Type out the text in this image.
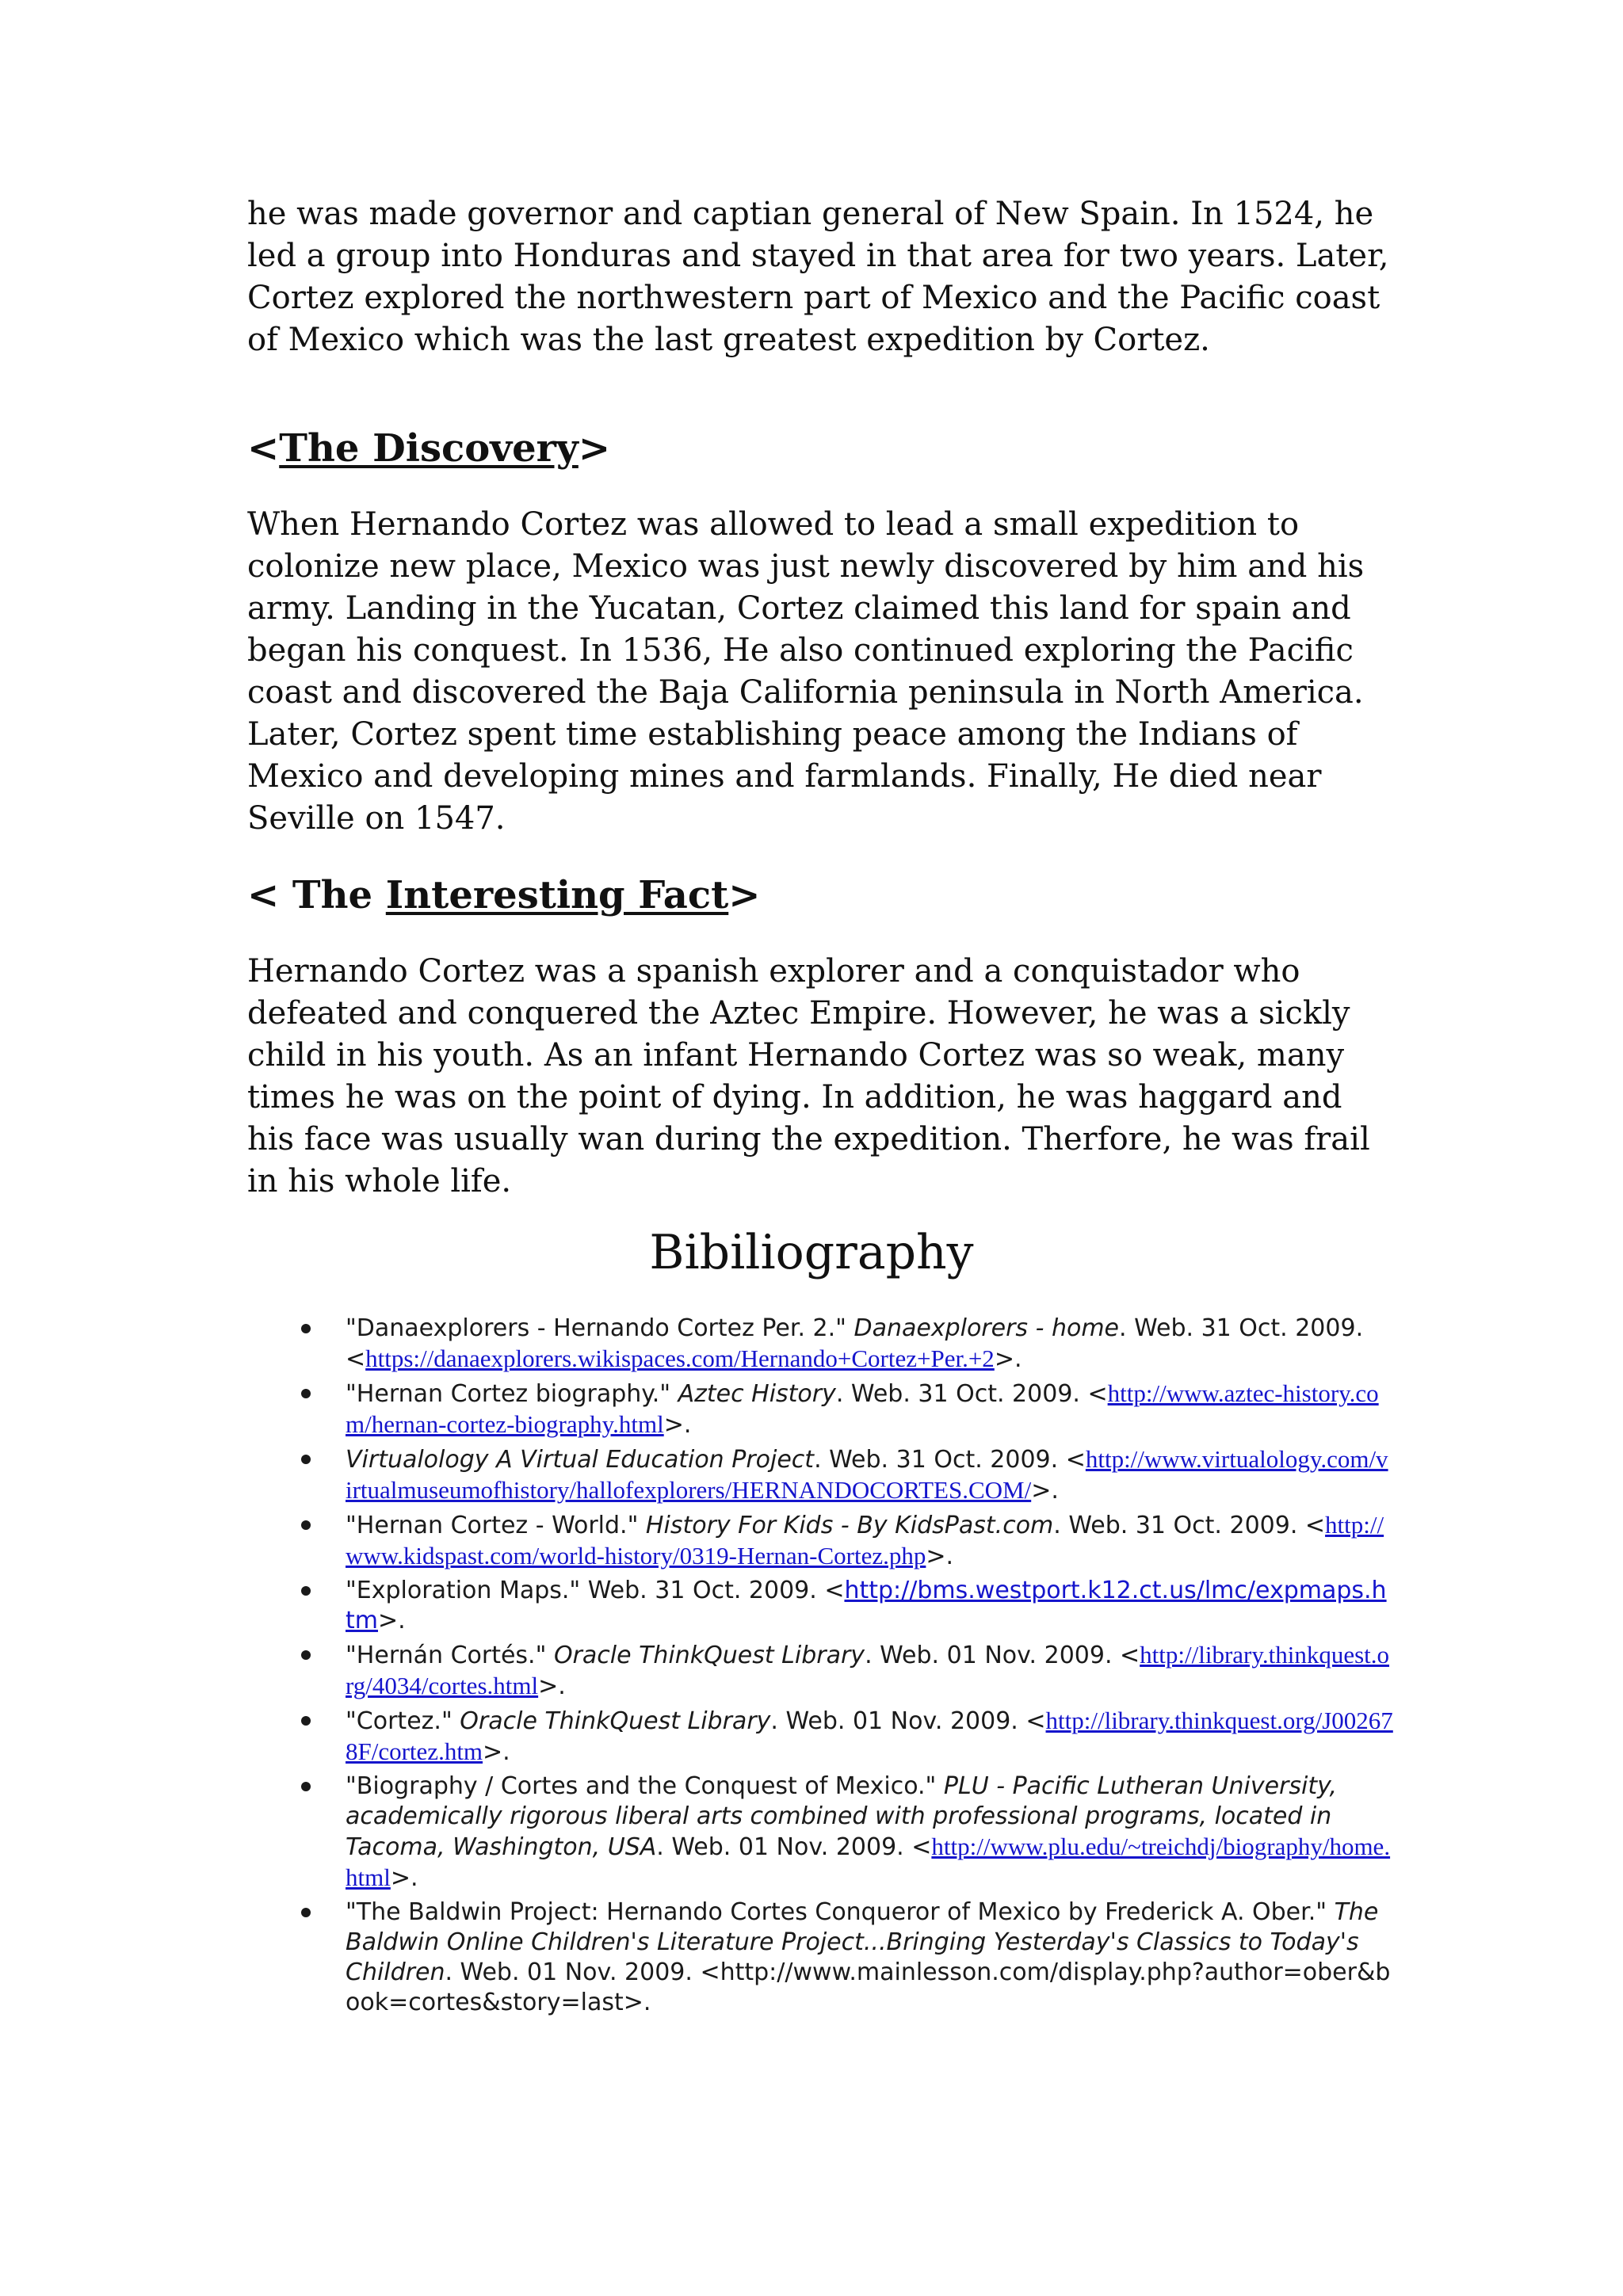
he was made governor and captian general of New Spain. In 1524, he led a group into Honduras and stayed in that area for two years. Later, Cortez explored the northwestern part of Mexico and the Pacific coast of Mexico which was the last greatest expedition by Cortez.

<The Discovery>

When Hernando Cortez was allowed to lead a small expedition to colonize new place, Mexico was just newly discovered by him and his army. Landing in the Yucatan, Cortez claimed this land for spain and began his conquest. In 1536, He also continued exploring the Pacific coast and discovered the Baja California peninsula in North America. Later, Cortez spent time establishing peace among the Indians of Mexico and developing mines and farmlands. Finally, He died near Seville on 1547.

< The Interesting Fact>

Hernando Cortez was a spanish explorer and a conquistador who defeated and conquered the Aztec Empire. However, he was a sickly child in his youth. As an infant Hernando Cortez was so weak, many times he was on the point of dying. In addition, he was haggard and his face was usually wan during the expedition. Therfore, he was frail in his whole life.

Bibiliography
"Danaexplorers - Hernando Cortez Per. 2." Danaexplorers - home. Web. 31 Oct. 2009. <https://danaexplorers.wikispaces.com/Hernando+Cortez+Per.+2>.
"Hernan Cortez biography." Aztec History. Web. 31 Oct. 2009. <http://www.aztec-history.com/hernan-cortez-biography.html>.
Virtualology A Virtual Education Project. Web. 31 Oct. 2009. <http://www.virtualology.com/virtualmuseumofhistory/hallofexplorers/HERNANDOCORTES.COM/>.
"Hernan Cortez - World." History For Kids - By KidsPast.com. Web. 31 Oct. 2009. <http://www.kidspast.com/world-history/0319-Hernan-Cortez.php>.
"Exploration Maps." Web. 31 Oct. 2009. <http://bms.westport.k12.ct.us/lmc/expmaps.htm>.
"Hernán Cortés." Oracle ThinkQuest Library. Web. 01 Nov. 2009. <http://library.thinkquest.org/4034/cortes.html>.
"Cortez." Oracle ThinkQuest Library. Web. 01 Nov. 2009. <http://library.thinkquest.org/J002678F/cortez.htm>.
"Biography / Cortes and the Conquest of Mexico." PLU - Pacific Lutheran University, academically rigorous liberal arts combined with professional programs, located in Tacoma, Washington, USA. Web. 01 Nov. 2009. <http://www.plu.edu/~treichdj/biography/home.html>.
"The Baldwin Project: Hernando Cortes Conqueror of Mexico by Frederick A. Ober." The Baldwin Online Children's Literature Project...Bringing Yesterday's Classics to Today's Children. Web. 01 Nov. 2009. <http://www.mainlesson.com/display.php?author=ober&book=cortes&story=last>.
